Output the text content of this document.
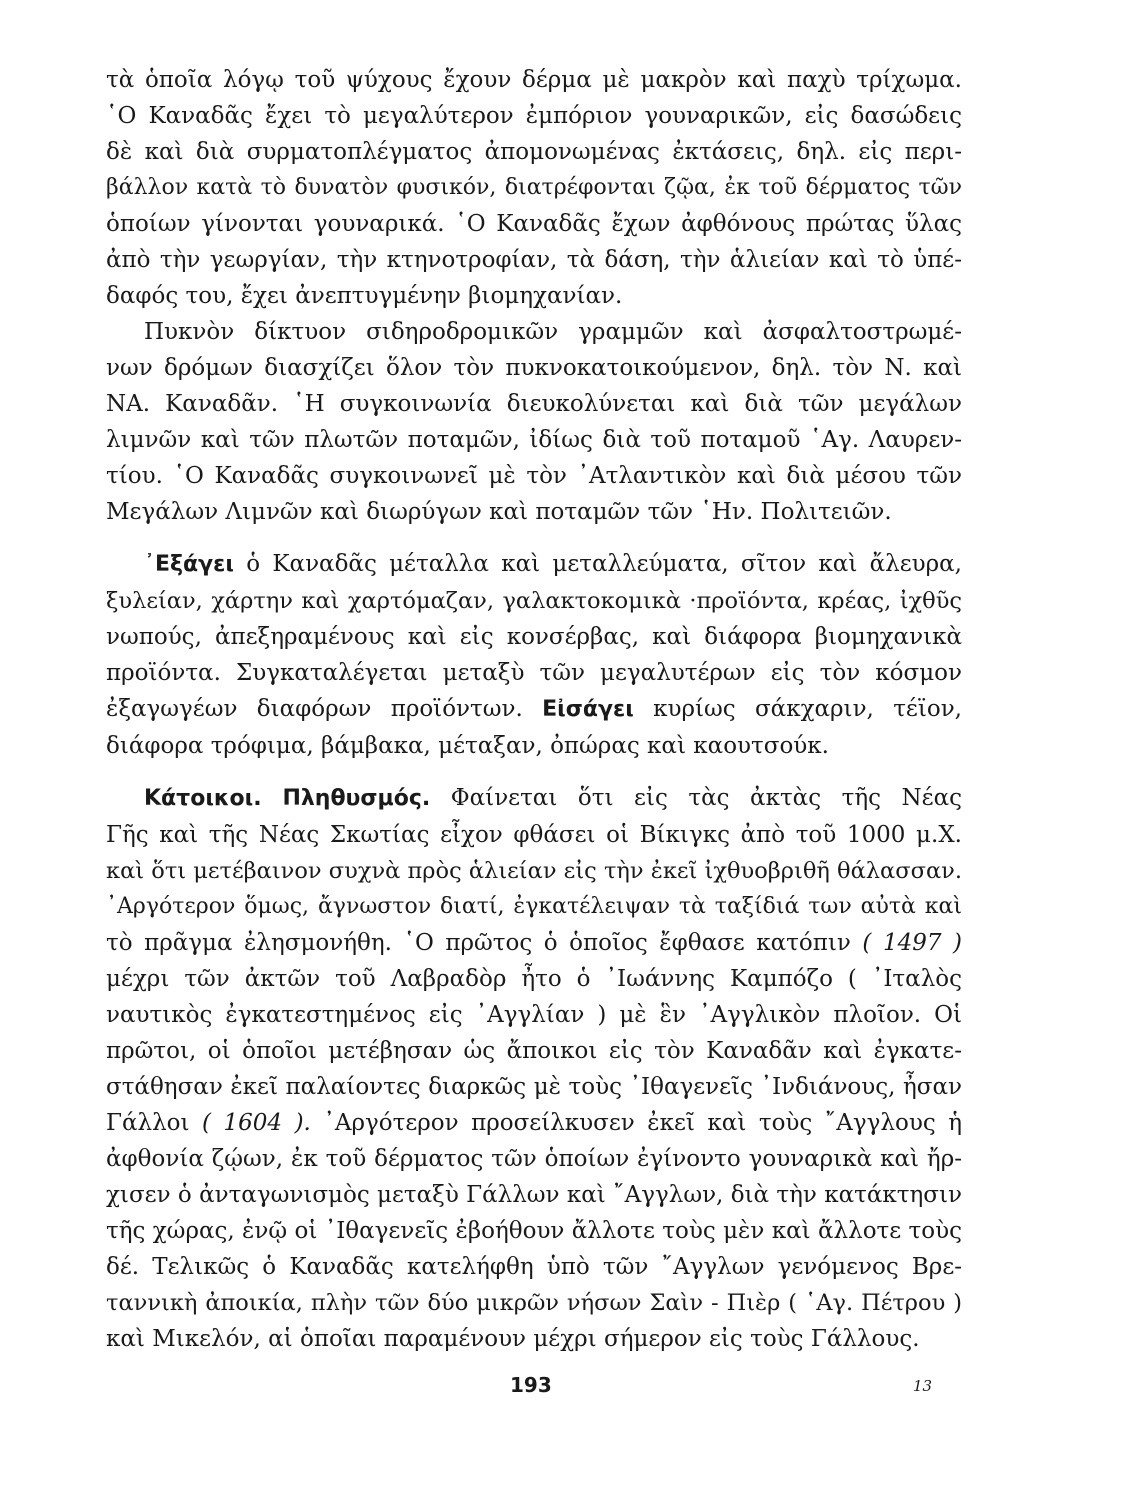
τὰ ὁποῖα λόγῳ τοῦ ψύχους ἔχουν δέρμα μὲ μακρὸν καὶ παχὺ τρίχωμα.
῾Ο Καναδᾶς ἔχει τὸ μεγαλύτερον ἐμπόριον γουναρικῶν, εἰς δασώδεις
δὲ καὶ διὰ συρματοπλέγματος ἀπομονωμένας ἐκτάσεις, δηλ. εἰς περι-
βάλλον κατὰ τὸ δυνατὸν φυσικόν, διατρέφονται ζῷα, ἐκ τοῦ δέρματος τῶν
ὁποίων γίνονται γουναρικά. ῾Ο Καναδᾶς ἔχων ἀφθόνους πρώτας ὕλας
ἀπὸ τὴν γεωργίαν, τὴν κτηνοτροφίαν, τὰ δάση, τὴν ἁλιείαν καὶ τὸ ὑπέ-
δαφός του, ἔχει ἀνεπτυγμένην βιομηχανίαν.
Πυκνὸν δίκτυον σιδηροδρομικῶν γραμμῶν καὶ ἀσφαλτοστρωμέ-
νων δρόμων διασχίζει ὅλον τὸν πυκνοκατοικούμενον, δηλ. τὸν Ν. καὶ
ΝΑ. Καναδᾶν. ῾Η συγκοινωνία διευκολύνεται καὶ διὰ τῶν μεγάλων
λιμνῶν καὶ τῶν πλωτῶν ποταμῶν, ἰδίως διὰ τοῦ ποταμοῦ ῾Αγ. Λαυρεν-
τίου. ῾Ο Καναδᾶς συγκοινωνεῖ μὲ τὸν ᾿Ατλαντικὸν καὶ διὰ μέσου τῶν
Μεγάλων Λιμνῶν καὶ διωρύγων καὶ ποταμῶν τῶν ῾Ην. Πολιτειῶν.
᾿Εξάγει ὁ Καναδᾶς μέταλλα καὶ μεταλλεύματα, σῖτον καὶ ἄλευρα,
ξυλείαν, χάρτην καὶ χαρτόμαζαν, γαλακτοκομικὰ ·προϊόντα, κρέας, ἰχθῦς
νωπούς, ἀπεξηραμένους καὶ εἰς κονσέρβας, καὶ διάφορα βιομηχανικὰ
προϊόντα. Συγκαταλέγεται μεταξὺ τῶν μεγαλυτέρων εἰς τὸν κόσμον
ἐξαγωγέων διαφόρων προϊόντων. Εἰσάγει κυρίως σάκχαριν, τέϊον,
διάφορα τρόφιμα, βάμβακα, μέταξαν, ὀπώρας καὶ καουτσούκ.
Κάτοικοι. Πληθυσμός. Φαίνεται ὅτι εἰς τὰς ἀκτὰς τῆς Νέας
Γῆς καὶ τῆς Νέας Σκωτίας εἶχον φθάσει οἱ Βίκιγκς ἀπὸ τοῦ 1000 μ.Χ.
καὶ ὅτι μετέβαινον συχνὰ πρὸς ἁλιείαν εἰς τὴν ἐκεῖ ἰχθυοβριθῆ θάλασσαν.
᾿Αργότερον ὅμως, ἄγνωστον διατί, ἐγκατέλειψαν τὰ ταξίδιά των αὐτὰ καὶ
τὸ πρᾶγμα ἐλησμονήθη. ῾Ο πρῶτος ὁ ὁποῖος ἔφθασε κατόπιν ( 1497 )
μέχρι τῶν ἀκτῶν τοῦ Λαβραδὸρ ἦτο ὁ ᾿Ιωάννης Καμπόζο ( ᾿Ιταλὸς
ναυτικὸς ἐγκατεστημένος εἰς ᾿Αγγλίαν ) μὲ ἓν ᾿Αγγλικὸν πλοῖον. Οἱ
πρῶτοι, οἱ ὁποῖοι μετέβησαν ὡς ἄποικοι εἰς τὸν Καναδᾶν καὶ ἐγκατε-
στάθησαν ἐκεῖ παλαίοντες διαρκῶς μὲ τοὺς ᾿Ιθαγενεῖς ᾿Ινδιάνους, ἦσαν
Γάλλοι ( 1604 ). ᾿Αργότερον προσείλκυσεν ἐκεῖ καὶ τοὺς ῎Αγγλους ἡ
ἀφθονία ζῴων, ἐκ τοῦ δέρματος τῶν ὁποίων ἐγίνοντο γουναρικὰ καὶ ἤρ-
χισεν ὁ ἀνταγωνισμὸς μεταξὺ Γάλλων καὶ ῎Αγγλων, διὰ τὴν κατάκτησιν
τῆς χώρας, ἐνῷ οἱ ᾿Ιθαγενεῖς ἐβοήθουν ἄλλοτε τοὺς μὲν καὶ ἄλλοτε τοὺς
δέ. Τελικῶς ὁ Καναδᾶς κατελήφθη ὑπὸ τῶν ῎Αγγλων γενόμενος Βρε-
ταννικὴ ἀποικία, πλὴν τῶν δύο μικρῶν νήσων Σαὶν - Πιὲρ ( ῾Αγ. Πέτρου )
καὶ Μικελόν, αἱ ὁποῖαι παραμένουν μέχρι σήμερον εἰς τοὺς Γάλλους.
193	13
